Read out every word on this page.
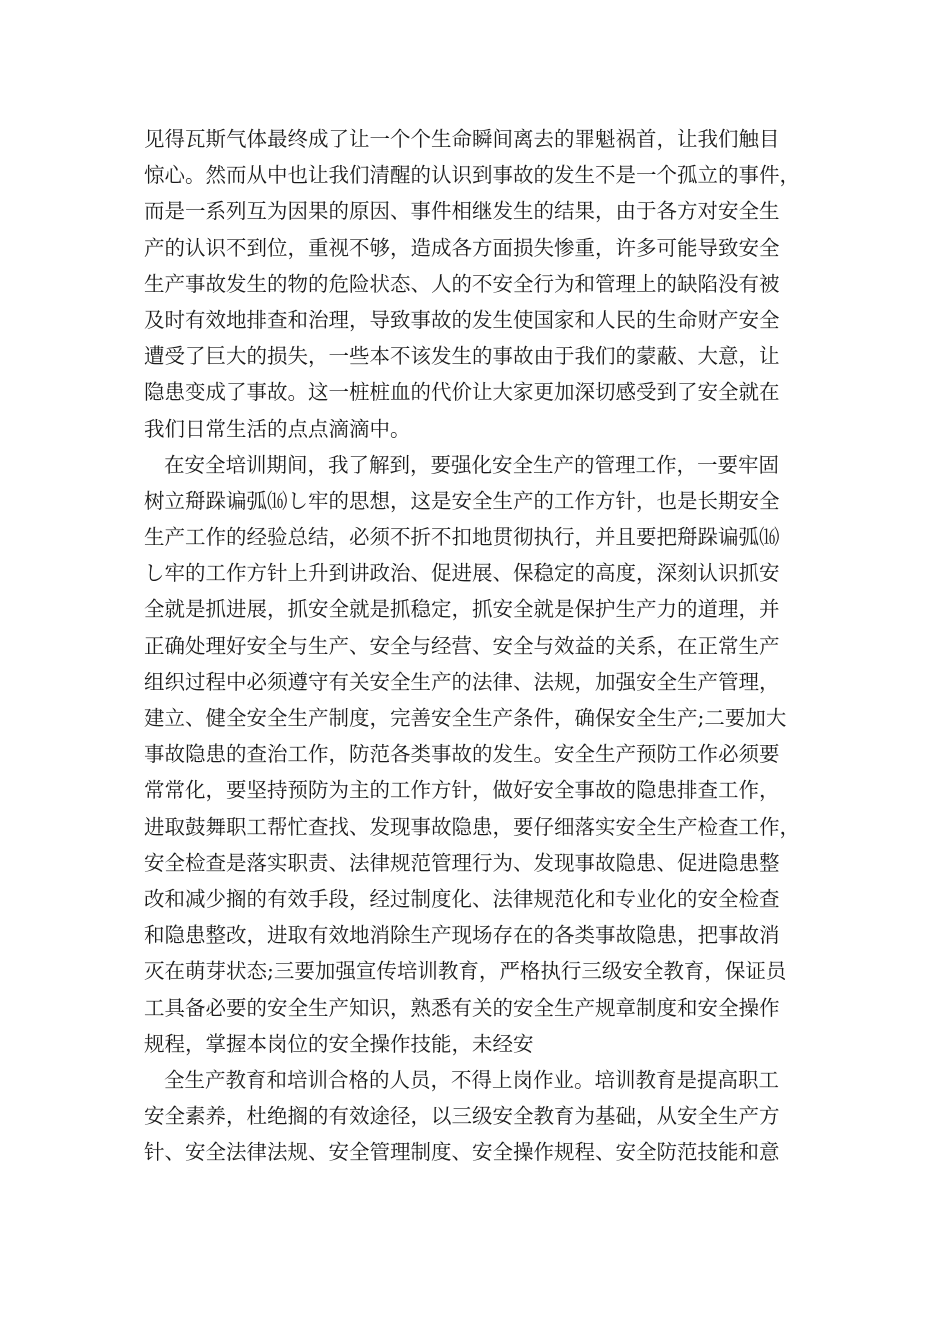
见得瓦斯气体最终成了让一个个生命瞬间离去的罪魁祸首，让我们触目
惊心。然而从中也让我们清醒的认识到事故的发生不是一个孤立的事件，
而是一系列互为因果的原因、事件相继发生的结果，由于各方对安全生
产的认识不到位，重视不够，造成各方面损失惨重，许多可能导致安全
生产事故发生的物的危险状态、人的不安全行为和管理上的缺陷没有被
及时有效地排查和治理，导致事故的发生使国家和人民的生命财产安全
遭受了巨大的损失，一些本不该发生的事故由于我们的蒙蔽、大意，让
隐患变成了事故。这一桩桩血的代价让大家更加深切感受到了安全就在
我们日常生活的点点滴滴中。
在安全培训期间，我了解到，要强化安全生产的管理工作，一要牢固
树立搿跺谝弧⒃し牢的思想，这是安全生产的工作方针，也是长期安全
生产工作的经验总结，必须不折不扣地贯彻执行，并且要把搿跺谝弧⒃
し牢的工作方针上升到讲政治、促进展、保稳定的高度，深刻认识抓安
全就是抓进展，抓安全就是抓稳定，抓安全就是保护生产力的道理，并
正确处理好安全与生产、安全与经营、安全与效益的关系，在正常生产
组织过程中必须遵守有关安全生产的法律、法规，加强安全生产管理，
建立、健全安全生产制度，完善安全生产条件，确保安全生产;二要加大
事故隐患的查治工作，防范各类事故的发生。安全生产预防工作必须要
常常化，要坚持预防为主的工作方针，做好安全事故的隐患排查工作，
进取鼓舞职工帮忙查找、发现事故隐患，要仔细落实安全生产检查工作，
安全检查是落实职责、法律规范管理行为、发现事故隐患、促进隐患整
改和减少搁的有效手段，经过制度化、法律规范化和专业化的安全检查
和隐患整改，进取有效地消除生产现场存在的各类事故隐患，把事故消
灭在萌芽状态;三要加强宣传培训教育，严格执行三级安全教育，保证员
工具备必要的安全生产知识，熟悉有关的安全生产规章制度和安全操作
规程，掌握本岗位的安全操作技能，未经安
全生产教育和培训合格的人员，不得上岗作业。培训教育是提高职工
安全素养，杜绝搁的有效途径，以三级安全教育为基础，从安全生产方
针、安全法律法规、安全管理制度、安全操作规程、安全防范技能和意
